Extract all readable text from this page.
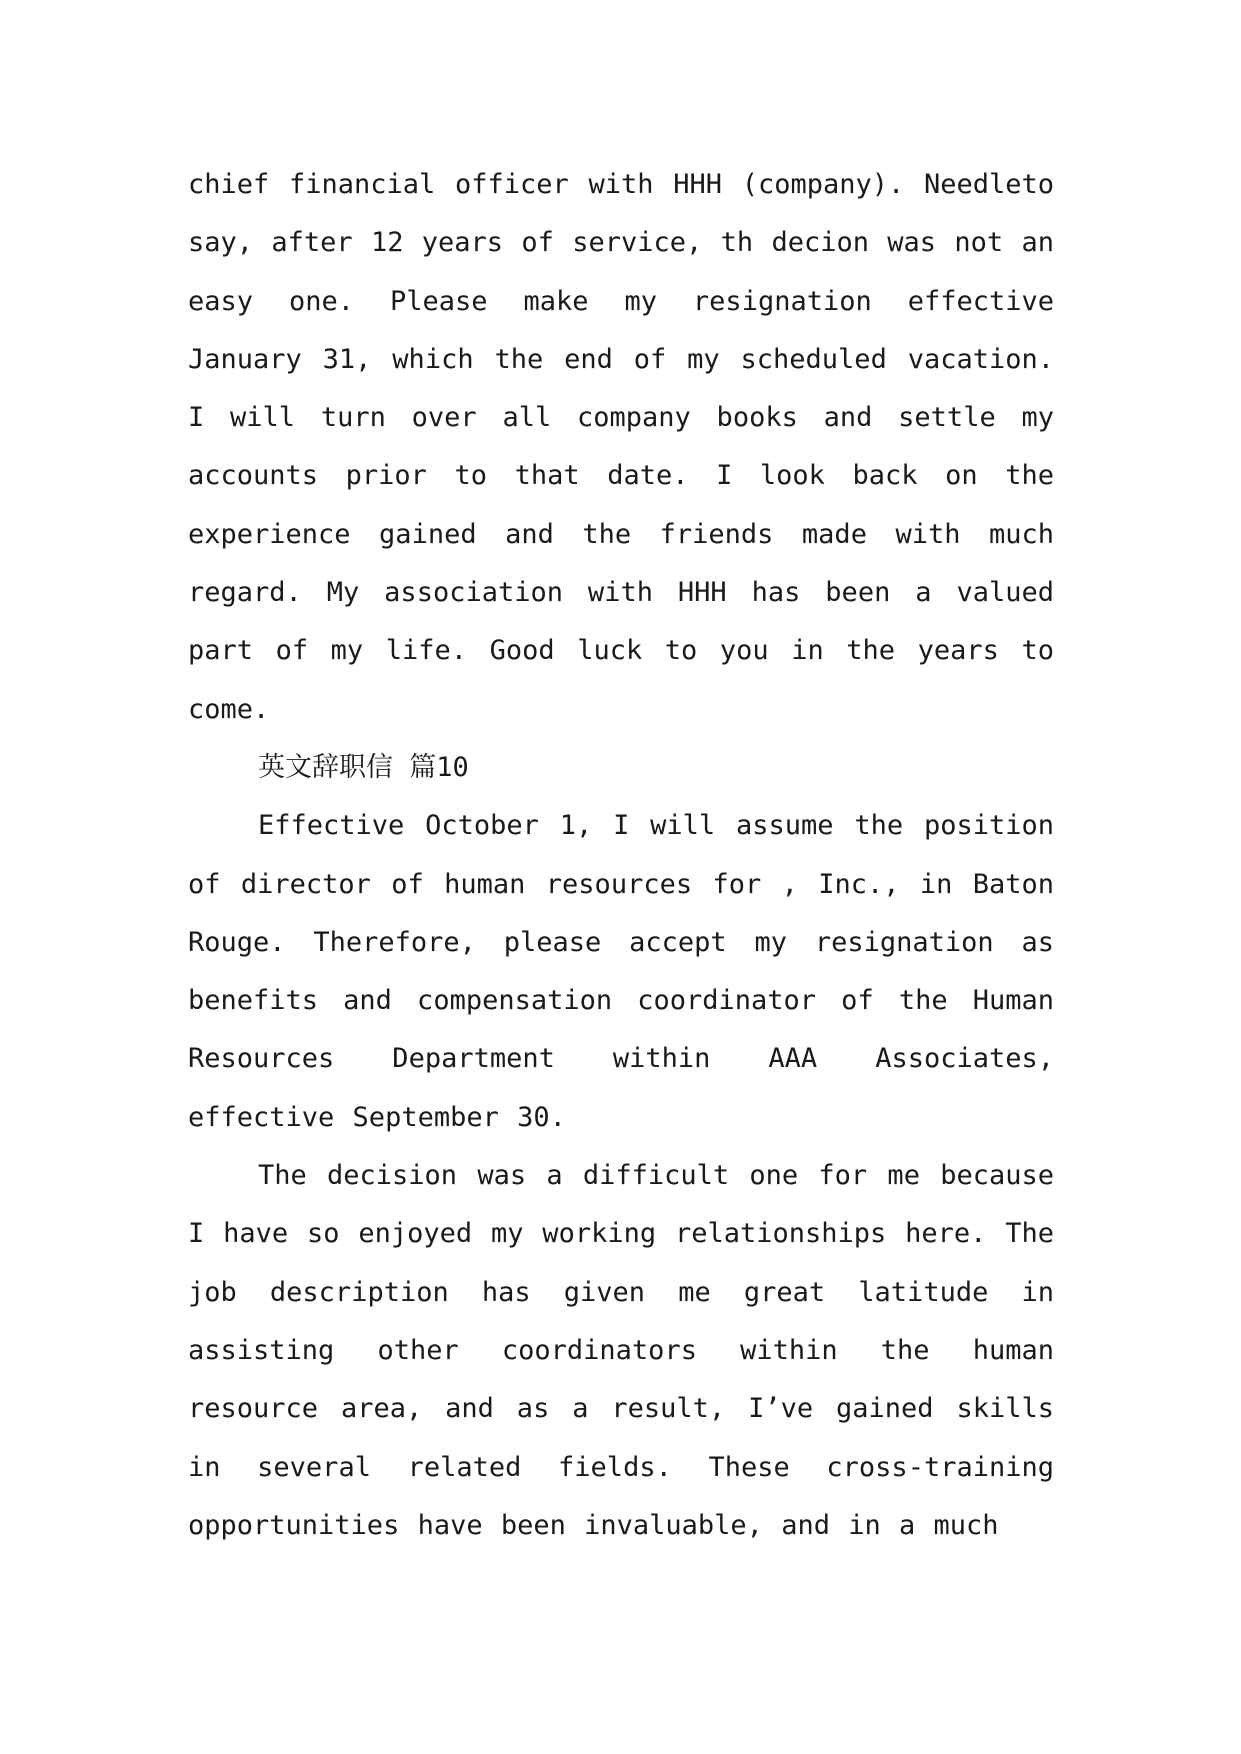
chief financial officer with HHH (company). Needleto say, after 12 years of service, th decion was not an easy one. Please make my resignation effective January 31, which the end of my scheduled vacation. I will turn over all company books and settle my accounts prior to that date. I look back on the experience gained and the friends made with much regard. My association with HHH has been a valued part of my life. Good luck to you in the years to come.

英文辞职信 篇10

Effective October 1, I will assume the position of director of human resources for , Inc., in Baton Rouge. Therefore, please accept my resignation as benefits and compensation coordinator of the Human Resources Department within AAA Associates, effective September 30.

The decision was a difficult one for me because I have so enjoyed my working relationships here. The job description has given me great latitude in assisting other coordinators within the human resource area, and as a result, I’ve gained skills in several related fields. These cross-training opportunities have been invaluable, and in a much
